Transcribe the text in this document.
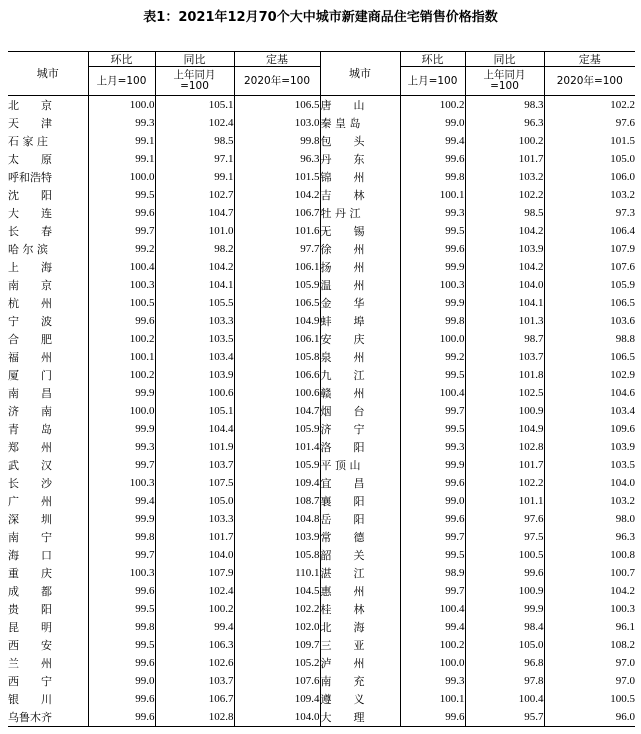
表1：2021年12月70个大中城市新建商品住宅销售价格指数
城市	环比	同比	定基	城市	环比	同比	定基
	上月=100	上年同月
=100	2020年=100		上月=100	上年同月
=100	2020年=100
北　　京	100.0	105.1	106.5	唐　　山	100.2	98.3	102.2
天　　津	99.3	102.4	103.0	秦 皇 岛	99.0	96.3	97.6
石 家 庄	99.1	98.5	99.8	包　　头	99.4	100.2	101.5
太　　原	99.1	97.1	96.3	丹　　东	99.6	101.7	105.0
呼和浩特	100.0	99.1	101.5	锦　　州	99.8	103.2	106.0
沈　　阳	99.5	102.7	104.2	吉　　林	100.1	102.2	103.2
大　　连	99.6	104.7	106.7	牡 丹 江	99.3	98.5	97.3
长　　春	99.7	101.0	101.6	无　　锡	99.5	104.2	106.4
哈 尔 滨	99.2	98.2	97.7	徐　　州	99.6	103.9	107.9
上　　海	100.4	104.2	106.1	扬　　州	99.9	104.2	107.6
南　　京	100.3	104.1	105.9	温　　州	100.3	104.0	105.9
杭　　州	100.5	105.5	106.5	金　　华	99.9	104.1	106.5
宁　　波	99.6	103.3	104.9	蚌　　埠	99.8	101.3	103.6
合　　肥	100.2	103.5	106.1	安　　庆	100.0	98.7	98.8
福　　州	100.1	103.4	105.8	泉　　州	99.2	103.7	106.5
厦　　门	100.2	103.9	106.6	九　　江	99.5	101.8	102.9
南　　昌	99.9	100.6	100.6	赣　　州	100.4	102.5	104.6
济　　南	100.0	105.1	104.7	烟　　台	99.7	100.9	103.4
青　　岛	99.9	104.4	105.9	济　　宁	99.5	104.9	109.6
郑　　州	99.3	101.9	101.4	洛　　阳	99.3	102.8	103.9
武　　汉	99.7	103.7	105.9	平 顶 山	99.9	101.7	103.5
长　　沙	100.3	107.5	109.4	宜　　昌	99.6	102.2	104.0
广　　州	99.4	105.0	108.7	襄　　阳	99.0	101.1	103.2
深　　圳	99.9	103.3	104.8	岳　　阳	99.6	97.6	98.0
南　　宁	99.8	101.7	103.9	常　　德	99.7	97.5	96.3
海　　口	99.7	104.0	105.8	韶　　关	99.5	100.5	100.8
重　　庆	100.3	107.9	110.1	湛　　江	98.9	99.6	100.7
成　　都	99.6	102.4	104.5	惠　　州	99.7	100.9	104.2
贵　　阳	99.5	100.2	102.2	桂　　林	100.4	99.9	100.3
昆　　明	99.8	99.4	102.0	北　　海	99.4	98.4	96.1
西　　安	99.5	106.3	109.7	三　　亚	100.2	105.0	108.2
兰　　州	99.6	102.6	105.2	泸　　州	100.0	96.8	97.0
西　　宁	99.0	103.7	107.6	南　　充	99.3	97.8	97.0
银　　川	99.6	106.7	109.4	遵　　义	100.1	100.4	100.5
乌鲁木齐	99.6	102.8	104.0	大　　理	99.6	95.7	96.0
